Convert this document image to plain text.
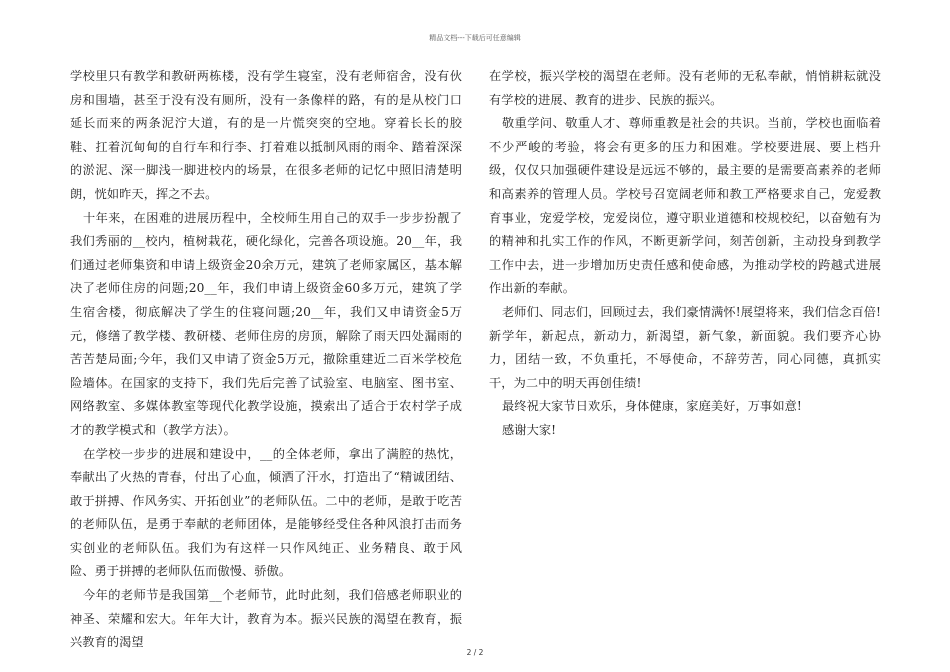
精品文档---下载后可任意编辑

学校里只有教学和教研两栋楼，没有学生寝室，没有老师宿舍，没有伙房和围墙，甚至于没有没有厕所，没有一条像样的路，有的是从校门口延长而来的两条泥泞大道，有的是一片慌突突的空地。穿着长长的胶鞋、扛着沉甸甸的自行车和行李、打着难以抵制风雨的雨伞、踏着深深的淤泥、深一脚浅一脚进校内的场景，在很多老师的记忆中照旧清楚明朗，恍如昨天，挥之不去。

十年来，在困难的进展历程中，全校师生用自己的双手一步步扮靓了我们秀丽的__校内，植树栽花，硬化绿化，完善各项设施。20__年，我们通过老师集资和申请上级资金20余万元，建筑了老师家属区，基本解决了老师住房的问题;20__年，我们申请上级资金60多万元，建筑了学生宿舍楼，彻底解决了学生的住寝问题;20__年，我们又申请资金5万元，修缮了教学楼、教研楼、老师住房的房顶，解除了雨天四处漏雨的苦苦楚局面;今年，我们又申请了资金5万元，撤除重建近二百米学校危险墙体。在国家的支持下，我们先后完善了试验室、电脑室、图书室、网络教室、多媒体教室等现代化教学设施，摸索出了适合于农村学子成才的教学模式和（教学方法）。

在学校一步步的进展和建设中，__的全体老师，拿出了满腔的热忱，奉献出了火热的青春，付出了心血，倾洒了汗水，打造出了“精诚团结、敢于拼搏、作风务实、开拓创业”的老师队伍。二中的老师，是敢于吃苦的老师队伍，是勇于奉献的老师团体，是能够经受住各种风浪打击而务实创业的老师队伍。我们为有这样一只作风纯正、业务精良、敢于风险、勇于拼搏的老师队伍而傲慢、骄傲。

今年的老师节是我国第__个老师节，此时此刻，我们倍感老师职业的神圣、荣耀和宏大。年年大计，教育为本。振兴民族的渴望在教育，振兴教育的渴望

在学校，振兴学校的渴望在老师。没有老师的无私奉献，悄悄耕耘就没有学校的进展、教育的进步、民族的振兴。

敬重学问、敬重人才、尊师重教是社会的共识。当前，学校也面临着不少严峻的考验，将会有更多的压力和困难。学校要进展、要上档升级，仅仅只加强硬件建设是远远不够的，最主要的是需要高素养的老师和高素养的管理人员。学校号召宽阔老师和教工严格要求自己，宠爱教育事业，宠爱学校，宠爱岗位，遵守职业道德和校规校纪，以奋勉有为的精神和扎实工作的作风，不断更新学问，刻苦创新，主动投身到教学工作中去，进一步增加历史责任感和使命感，为推动学校的跨越式进展作出新的奉献。

老师们、同志们，回顾过去，我们豪情满怀!展望将来，我们信念百倍!新学年，新起点，新动力，新渴望，新气象，新面貌。我们要齐心协力，团结一致，不负重托，不辱使命，不辞劳苦，同心同德，真抓实干，为二中的明天再创佳绩!

最终祝大家节日欢乐，身体健康，家庭美好，万事如意!

感谢大家!

2 / 2
